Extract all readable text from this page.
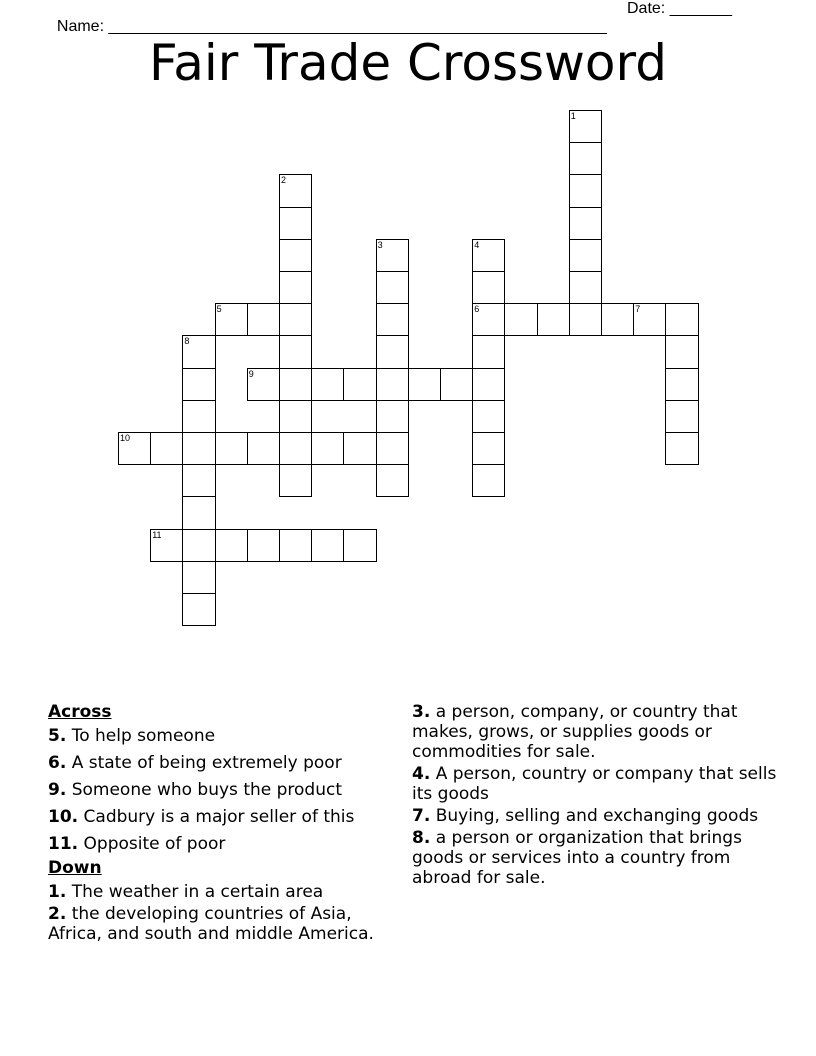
Name: ________________________________________________________

Date: _______

Fair Trade Crossword
1
2
3	4
6
5	7
8
9
10
11
Across
5. To help someone
6. A state of being extremely poor
9. Someone who buys the product
10. Cadbury is a major seller of this
11. Opposite of poor
Down
1. The weather in a certain area
2. the developing countries of Asia, Africa, and south and middle America.
3. a person, company, or country that makes, grows, or supplies goods or commodities for sale.
4. A person, country or company that sells its goods
7. Buying, selling and exchanging goods
8. a person or organization that brings goods or services into a country from abroad for sale.
